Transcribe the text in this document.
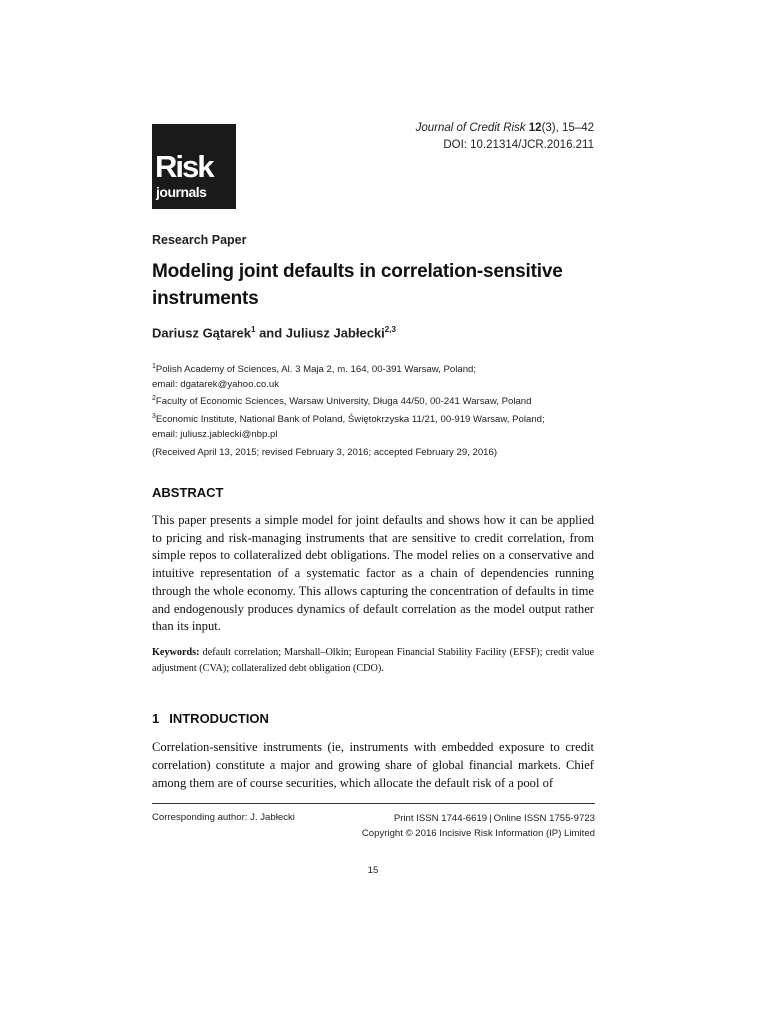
Journal of Credit Risk 12(3), 15–42
DOI: 10.21314/JCR.2016.211
Risk
journals
Research Paper
Modeling joint defaults in correlation-sensitive instruments
Dariusz Gątarek$^1$ and Juliusz Jabłecki$^{2,3}$
$^1$Polish Academy of Sciences, Al. 3 Maja 2, m. 164, 00-391 Warsaw, Poland;
email: dgatarek@yahoo.co.uk
$^2$Faculty of Economic Sciences, Warsaw University, Długa 44/50, 00-241 Warsaw, Poland
$^3$Economic Institute, National Bank of Poland, Świętokrzyska 11/21, 00-919 Warsaw, Poland;
email: juliusz.jablecki@nbp.pl
(Received April 13, 2015; revised February 3, 2016; accepted February 29, 2016)
ABSTRACT

This paper presents a simple model for joint defaults and shows how it can be applied to pricing and risk-managing instruments that are sensitive to credit correlation, from simple repos to collateralized debt obligations. The model relies on a conservative and intuitive representation of a systematic factor as a chain of dependencies running through the whole economy. This allows capturing the concentration of defaults in time and endogenously produces dynamics of default correlation as the model output rather than its input.

Keywords: default correlation; Marshall–Olkin; European Financial Stability Facility (EFSF); credit value adjustment (CVA); collateralized debt obligation (CDO).

1 INTRODUCTION

Correlation-sensitive instruments (ie, instruments with embedded exposure to credit correlation) constitute a major and growing share of global financial markets. Chief among them are of course securities, which allocate the default risk of a pool of

Corresponding author: J. Jabłecki	Print ISSN 1744-6619 | Online ISSN 1755-9723
Copyright © 2016 Incisive Risk Information (IP) Limited
15
